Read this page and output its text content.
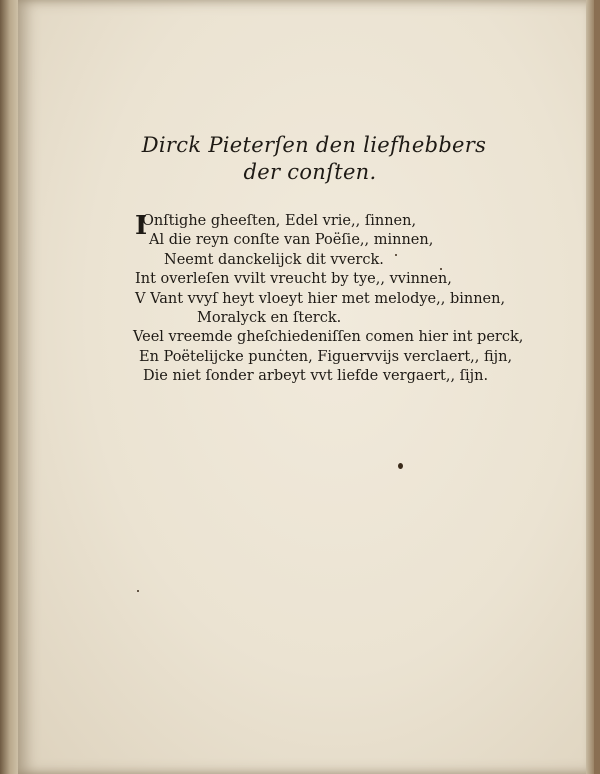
Dirck Pieterſen den liefhebbers
der conſten.
I
Onſtighe gheeſten, Edel vrie,, ſinnen,
Al die reyn conſte van Poëſie,, minnen,
Neemt danckelijck dit vverck.
Int overleſen vvilt vreucht by tye,, vvinnen,
V Vant vvyſ heyt vloeyt hier met melodye,, binnen,
Moralyck en ſterck.
Veel vreemde gheſchiedeniſſen comen hier int perck,
En Poëtelijcke punċten, Figuervvijs verclaert,, fijn,
Die niet ſonder arbeyt vvt liefde vergaert,, ſijn.
